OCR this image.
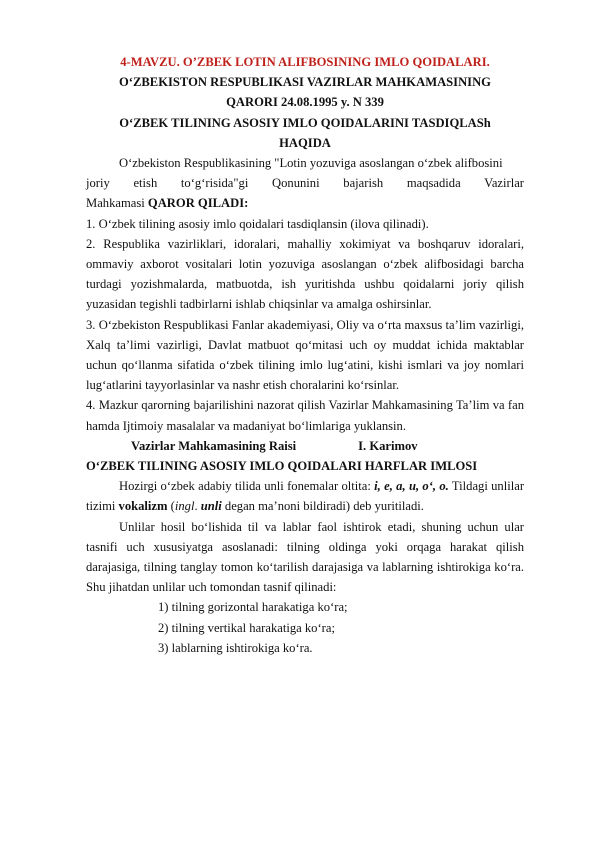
4-MAVZU. O’ZBEK LOTIN ALIFBOSINING IMLO QOIDALARI.
O‘ZBEKISTON RESPUBLIKASI VAZIRLAR MAHKAMASINING
QARORI 24.08.1995 y. N 339
O‘ZBEK TILINING ASOSIY IMLO QOIDALARINI TASDIQLASh
HAQIDA

O‘zbekiston Respublikasining "Lotin yozuviga asoslangan o‘zbek alifbosini

joriy etish to‘g‘risida"gi Qonunini bajarish maqsadida Vazirlar

Mahkamasi QAROR QILADI:

1. O‘zbek tilining asosiy imlo qoidalari tasdiqlansin (ilova qilinadi).

2. Respublika vazirliklari, idoralari, mahalliy xokimiyat va boshqaruv idoralari, ommaviy axborot vositalari lotin yozuviga asoslangan o‘zbek alifbosidagi barcha turdagi yozishmalarda, matbuotda, ish yuritishda ushbu qoidalarni joriy qilish yuzasidan tegishli tadbirlarni ishlab chiqsinlar va amalga oshirsinlar.

3. O‘zbekiston Respublikasi Fanlar akademiyasi, Oliy va o‘rta maxsus ta’lim vazirligi, Xalq ta’limi vazirligi, Davlat matbuot qo‘mitasi uch oy muddat ichida maktablar uchun qo‘llanma sifatida o‘zbek tilining imlo lug‘atini, kishi ismlari va joy nomlari lug‘atlarini tayyorlasinlar va nashr etish choralarini ko‘rsinlar.

4. Mazkur qarorning bajarilishini nazorat qilish Vazirlar Mahkamasining Ta’lim va fan hamda Ijtimoiy masalalar va madaniyat bo‘limlariga yuklansin.

Vazirlar Mahkamasining Raisi	I. Karimov
O‘ZBEK TILINING ASOSIY IMLO QOIDALARI HARFLAR IMLOSI

Hozirgi o‘zbek adabiy tilida unli fonemalar oltita: i, e, a, u, o‘, o. Tildagi unlilar tizimi vokalizm (ingl. unli degan ma’noni bildiradi) deb yuritiladi.

Unlilar hosil bo‘lishida til va lablar faol ishtirok etadi, shuning uchun ular tasnifi uch xususiyatga asoslanadi: tilning oldinga yoki orqaga harakat qilish darajasiga, tilning tanglay tomon ko‘tarilish darajasiga va lablarning ishtirokiga ko‘ra. Shu jihatdan unlilar uch tomondan tasnif qilinadi:

1) tilning gorizontal harakatiga ko‘ra;

2) tilning vertikal harakatiga ko‘ra;

3) lablarning ishtirokiga ko‘ra.
